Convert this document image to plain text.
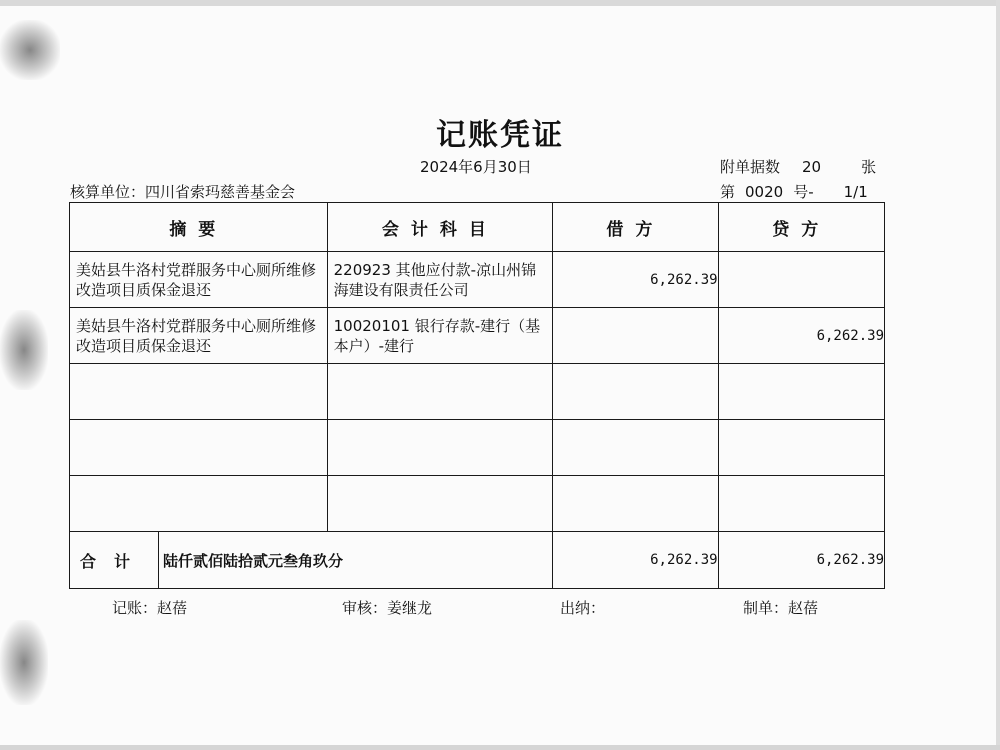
记账凭证
2024年6月30日	附单据数 20	张
核算单位：四川省索玛慈善基金会	第 0020 号- 1/1
摘要	会计科目	借方	贷方

美姑县牛洛村党群服务中心厕所维修改造项目质保金退还	220923 其他应付款-凉山州锦海建设有限责任公司	6,262.39	

美姑县牛洛村党群服务中心厕所维修改造项目质保金退还	10020101 银行存款-建行（基本户）-建行		6,262.39

合计 陆仟贰佰陆拾贰元叁角玖分		6,262.39	6,262.39
记账：赵蓓	审核：姜继龙	出纳：	制单：赵蓓
